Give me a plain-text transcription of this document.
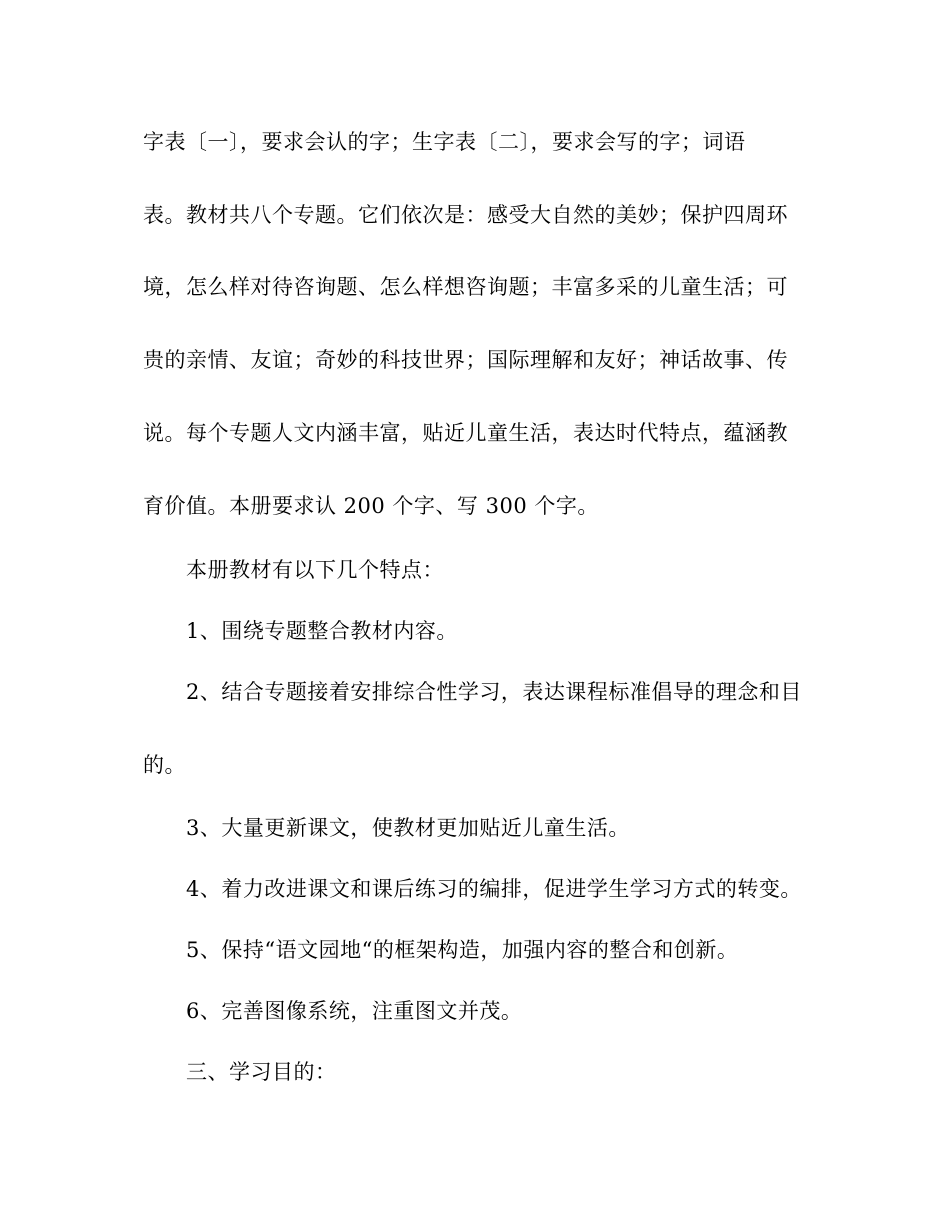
字表〔一〕，要求会认的字；生字表〔二〕，要求会写的字；词语
表。教材共八个专题。它们依次是：感受大自然的美妙；保护四周环
境，怎么样对待咨询题、怎么样想咨询题；丰富多采的儿童生活；可
贵的亲情、友谊；奇妙的科技世界；国际理解和友好；神话故事、传
说。每个专题人文内涵丰富，贴近儿童生活，表达时代特点，蕴涵教
育价值。本册要求认 200 个字、写 300 个字。
本册教材有以下几个特点：
1、围绕专题整合教材内容。
2、结合专题接着安排综合性学习，表达课程标准倡导的理念和目
的。
3、大量更新课文，使教材更加贴近儿童生活。
4、着力改进课文和课后练习的编排，促进学生学习方式的转变。
5、保持“语文园地“的框架构造，加强内容的整合和创新。
6、完善图像系统，注重图文并茂。
三、学习目的：
